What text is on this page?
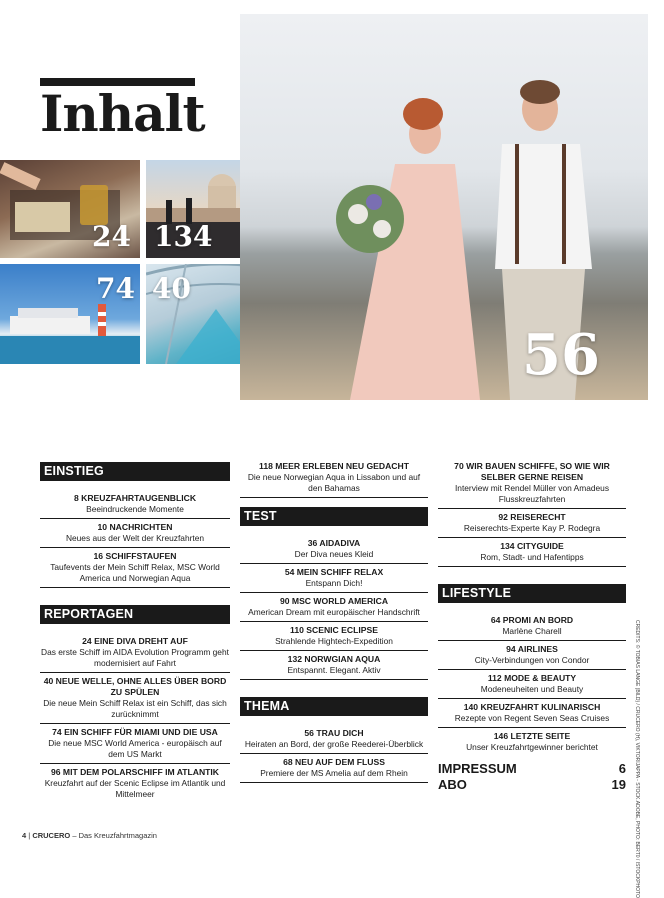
Inhalt
24 134
74 40
56
EINSTIEG
8 KREUZFAHRTAUGENBLICK
Beeindruckende Momente
10 NACHRICHTEN
Neues aus der Welt der Kreuzfahrten
16 SCHIFFSTAUFEN
Taufevents der Mein Schiff Relax, MSC World America und Norwegian Aqua
REPORTAGEN
24 EINE DIVA DREHT AUF
Das erste Schiff im AIDA Evolution Programm geht modernisiert auf Fahrt
40 NEUE WELLE, OHNE ALLES ÜBER BORD ZU SPÜLEN
Die neue Mein Schiff Relax ist ein Schiff, das sich zurücknimmt
74 EIN SCHIFF FÜR MIAMI UND DIE USA
Die neue MSC World America - europäisch auf dem US Markt
96 MIT DEM POLARSCHIFF IM ATLANTIK
Kreuzfahrt auf der Scenic Eclipse im Atlantik und Mittelmeer
118 MEER ERLEBEN NEU GEDACHT
Die neue Norwegian Aqua in Lissabon und auf den Bahamas
TEST
36 AIDADIVA
Der Diva neues Kleid
54 MEIN SCHIFF RELAX
Entspann Dich!
90 MSC WORLD AMERICA
American Dream mit europäischer Handschrift
110 SCENIC ECLIPSE
Strahlende Hightech-Expedition
132 NORWGIAN AQUA
Entspannt. Elegant. Aktiv
THEMA
56 TRAU DICH
Heiraten an Bord, der große Reederei-Überblick
68 NEU AUF DEM FLUSS
Premiere der MS Amelia auf dem Rhein
70 WIR BAUEN SCHIFFE, SO WIE WIR SELBER GERNE REISEN
Interview mit Rendel Müller von Amadeus Flusskreuzfahrten
92 REISERECHT
Reiserechts-Experte Kay P. Rodegra
134 CITYGUIDE
Rom, Stadt- und Hafentipps
LIFESTYLE
64 PROMI AN BORD
Marlène Charell
94 AIRLINES
City-Verbindungen von Condor
112 MODE & BEAUTY
Modeneuheiten und Beauty
140 KREUZFAHRT KULINARISCH
Rezepte von Regent Seven Seas Cruises
146 LETZTE SEITE
Unser Kreuzfahrtgewinner berichtet
IMPRESSUM	6
ABO	19 CREDITS: © TOBIAS LANGE (BILD) / CRUCERO (H), VIKTORIJAPPA - STOCK.ADOBE, PHOTO: BERT0 / ISTOCKPHOTO
4 | CRUCERO – Das Kreuzfahrtmagazin
